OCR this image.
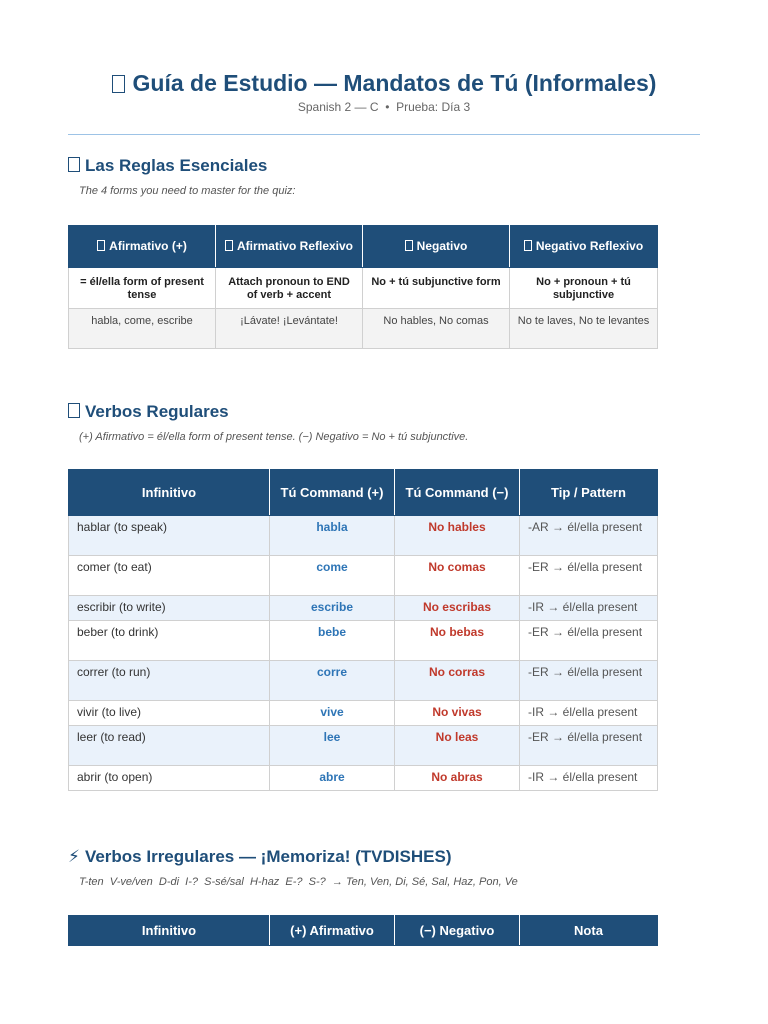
Guía de Estudio — Mandatos de Tú (Informales)
Spanish 2 — C  •  Prueba: Día 3
Las Reglas Esenciales
The 4 forms you need to master for the quiz:
Afirmativo (+)	Afirmativo Reflexivo	Negativo	Negativo Reflexivo
= él/ella form of present tense	Attach pronoun to END of verb + accent	No + tú subjunctive form	No + pronoun + tú subjunctive
habla, come, escribe	¡Lávate! ¡Levántate!	No hables, No comas	No te laves, No te levantes
Verbos Regulares
(+) Afirmativo = él/ella form of present tense. (−) Negativo = No + tú subjunctive.
Infinitivo	Tú Command (+)	Tú Command (−)	Tip / Pattern
hablar (to speak)	habla	No hables	-AR → él/ella present
comer (to eat)	come	No comas	-ER → él/ella present
escribir (to write)	escribe	No escribas	-IR → él/ella present
beber (to drink)	bebe	No bebas	-ER → él/ella present
correr (to run)	corre	No corras	-ER → él/ella present
vivir (to live)	vive	No vivas	-IR → él/ella present
leer (to read)	lee	No leas	-ER → él/ella present
abrir (to open)	abre	No abras	-IR → él/ella present
⚡ Verbos Irregulares — ¡Memoriza! (TVDISHES)
T-ten  V-ve/ven  D-di  I-?  S-sé/sal  H-haz  E-?  S-?  → Ten, Ven, Di, Sé, Sal, Haz, Pon, Ve
Infinitivo	(+) Afirmativo	(−) Negativo	Nota
